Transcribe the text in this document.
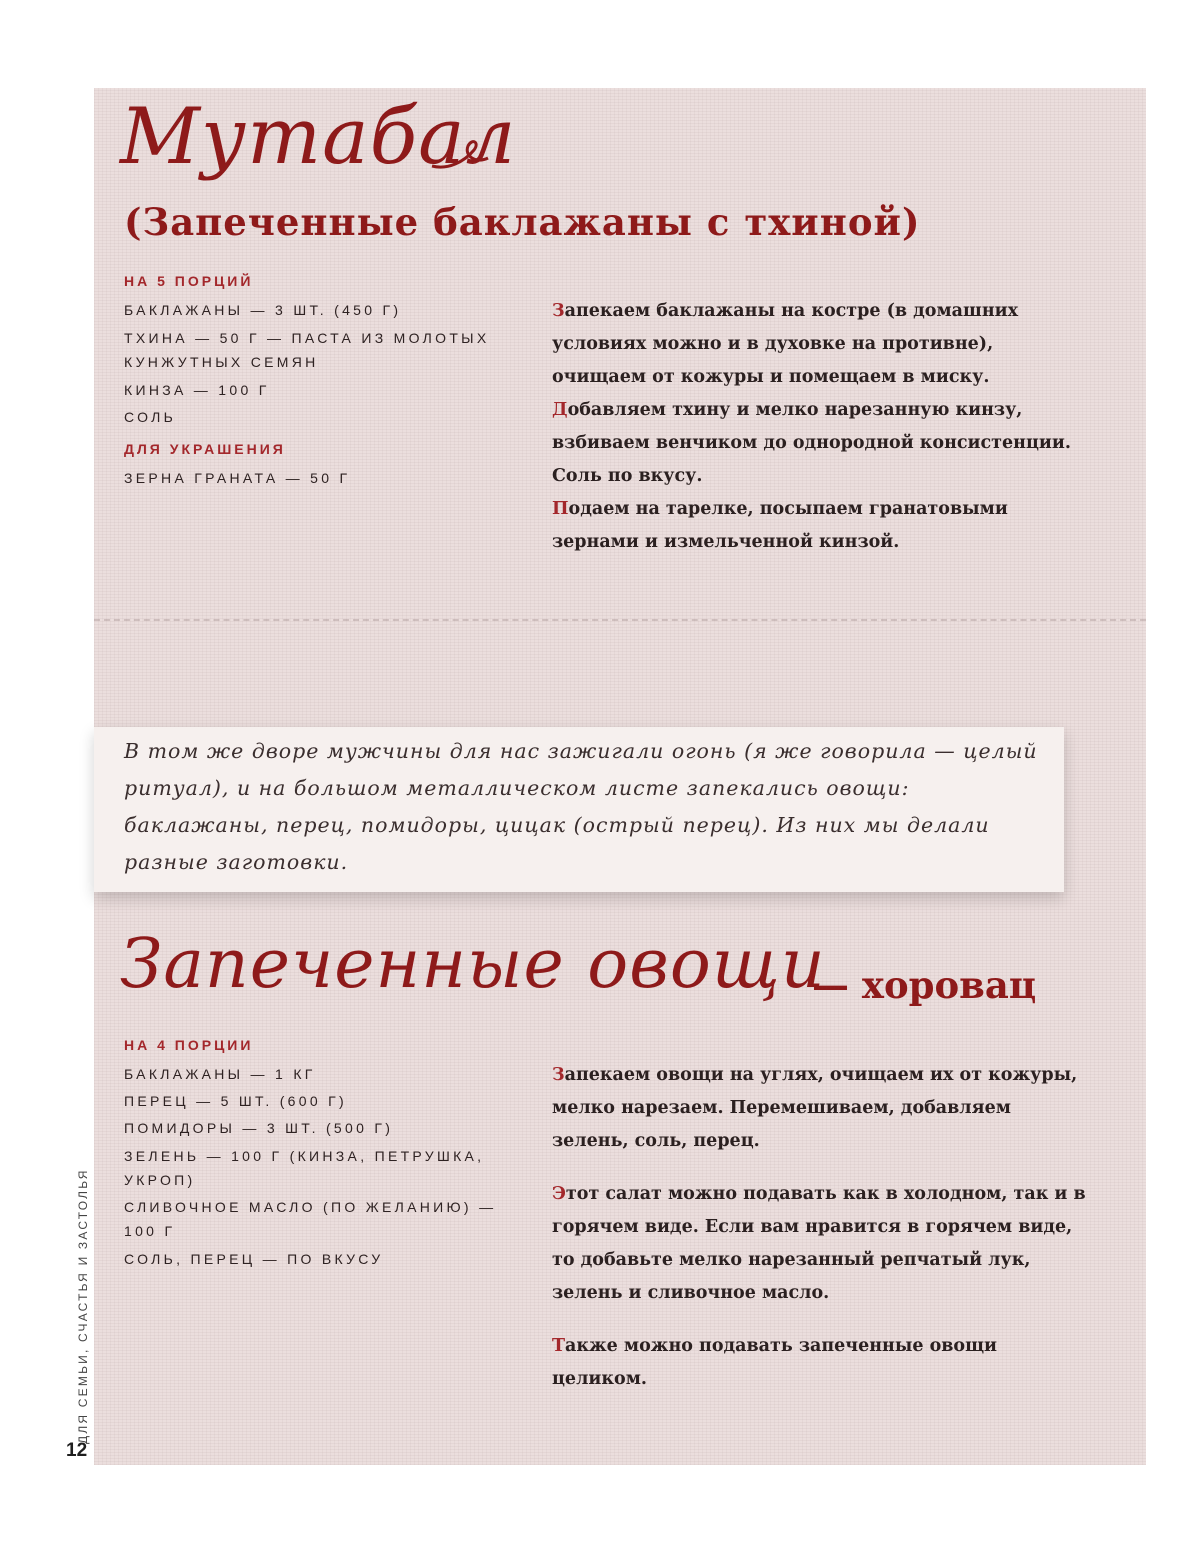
Мутабал
(Запеченные баклажаны с тхиной)
НА 5 ПОРЦИЙ
БАКЛАЖАНЫ — 3 ШТ. (450 Г)
ТХИНА — 50 Г — ПАСТА ИЗ МОЛОТЫХ КУНЖУТНЫХ СЕМЯН
КИНЗА — 100 Г
СОЛЬ
ДЛЯ УКРАШЕНИЯ
ЗЕРНА ГРАНАТА — 50 Г

Запекаем баклажаны на костре (в домашних условиях можно и в духовке на противне), очищаем от кожуры и помещаем в миску.

Добавляем тхину и мелко нарезанную кинзу, взбиваем венчиком до однородной консистенции. Соль по вкусу.

Подаем на тарелке, посыпаем гранатовыми зернами и измельченной кинзой.

В том же дворе мужчины для нас зажигали огонь (я же говорила — целый ритуал), и на большом металлическом листе запекались овощи: баклажаны, перец, помидоры, цицак (острый перец). Из них мы делали разные заготовки.
Запеченные овощи
— хоровац
НА 4 ПОРЦИИ
БАКЛАЖАНЫ — 1 КГ
ПЕРЕЦ — 5 ШТ. (600 Г)
ПОМИДОРЫ — 3 ШТ. (500 Г)
ЗЕЛЕНЬ — 100 Г (КИНЗА, ПЕТРУШКА, УКРОП)
СЛИВОЧНОЕ МАСЛО (ПО ЖЕЛАНИЮ) — 100 Г
СОЛЬ, ПЕРЕЦ — ПО ВКУСУ

Запекаем овощи на углях, очищаем их от кожуры, мелко нарезаем. Перемешиваем, добавляем зелень, соль, перец.

Этот салат можно подавать как в холодном, так и в горячем виде. Если вам нравится в горячем виде, то добавьте мелко нарезанный репчатый лук, зелень и сливочное масло.

Также можно подавать запеченные овощи целиком.

ДЛЯ СЕМЬИ, СЧАСТЬЯ И ЗАСТОЛЬЯ
12
